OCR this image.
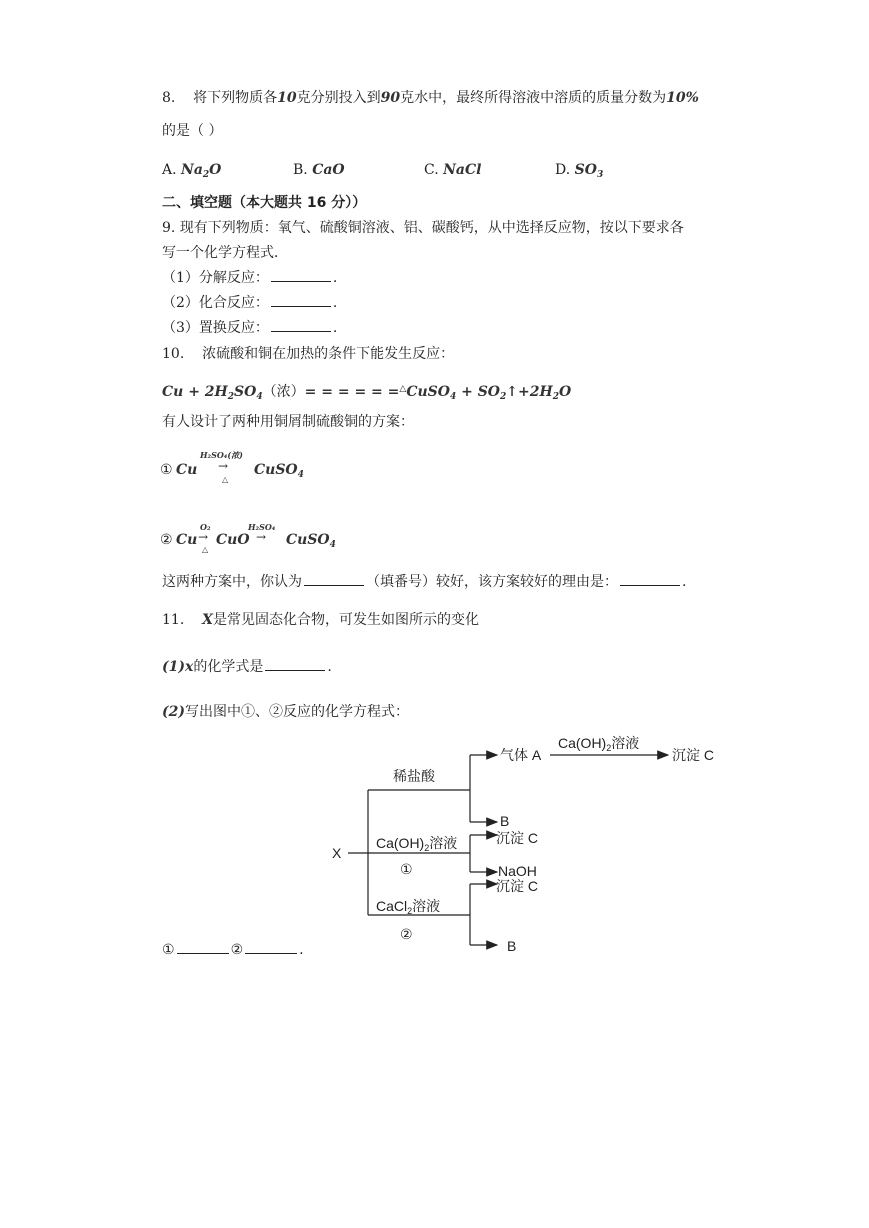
8. 将下列物质各10克分别投入到90克水中，最终所得溶液中溶质的质量分数为10%
的是（ ）
A. $Na_2O$	B. CaO	C. NaCl	D. $SO_3$
二、填空题（本大题共 16 分））
9. 现有下列物质：氧气、硫酸铜溶液、铝、碳酸钙，从中选择反应物，按以下要求各
写一个化学方程式．
（1）分解反应：	.
（2）化合反应：	.
（3）置换反应：	.
10. 浓硫酸和铜在加热的条件下能发生反应：
$Cu + 2H_2SO_4$（浓）= = = = = =△CuSO$_4$ + $SO_2↑+2H_2O$
有人设计了两种用铜屑制硫酸铜的方案：
① Cu
H₂SO₄(浓)
→
△
CuSO$_4$
② Cu
O₂
→
△
CuO
H₂SO₄
→ CuSO$_4$
这两种方案中，你认为	（填番号）较好，该方案较好的理由是：	.
11. X是常见固态化合物，可发生如图所示的变化
(1)x的化学式是	.
(2)写出图中①、②反应的化学方程式：
X
稀盐酸
气体 A
$Ca(OH)_2$溶液
沉淀 C
B
$Ca(OH)_2$溶液
①
沉淀 C
NaOH
沉淀 C
CaCl$_2$溶液
②
B
①	②	.
